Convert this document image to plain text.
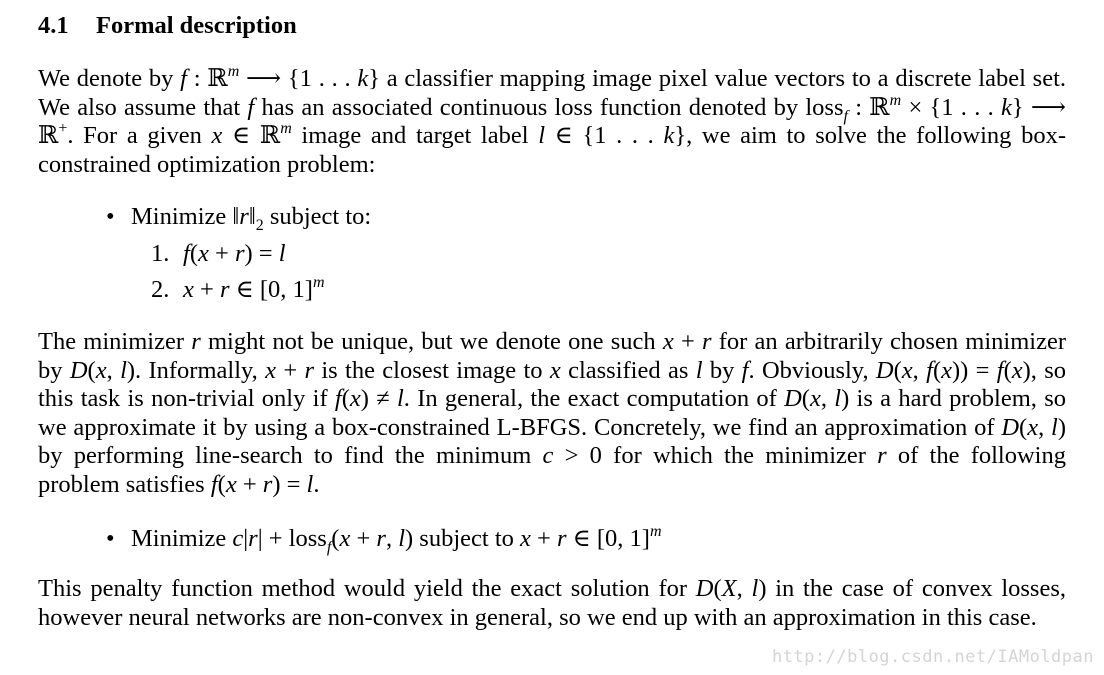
4.1 Formal description

We denote by f : ℝ$^m$ ⟶ {1 . . . k} a classifier mapping image pixel value vectors to a discrete label set. We also assume that f has an associated continuous loss function denoted by loss$_f$ : ℝ$^m$ × {1 . . . k} ⟶ ℝ+. For a given x ∈ ℝ$^m$ image and target label l ∈ {1 . . . k}, we aim to solve the following box-constrained optimization problem:

• Minimize $‖r‖_2$ subject to:
1. f(x + r) = l
2. x + r ∈ [0, 1]$^m$

The minimizer r might not be unique, but we denote one such x + r for an arbitrarily chosen minimizer by D(x, l). Informally, x + r is the closest image to x classified as l by f. Obviously, D(x, f(x)) = f(x), so this task is non-trivial only if f(x) ≠ l. In general, the exact computation of D(x, l) is a hard problem, so we approximate it by using a box-constrained L-BFGS. Concretely, we find an approximation of D(x, l) by performing line-search to find the minimum c > 0 for which the minimizer r of the following problem satisfies f(x + r) = l.

• Minimize c|r| + loss$_f$(x + r, l) subject to x + r ∈ [0, 1]$^m$

This penalty function method would yield the exact solution for D(X, l) in the case of convex losses, however neural networks are non-convex in general, so we end up with an approximation in this case.

http://blog.csdn.net/IAMoldpan
